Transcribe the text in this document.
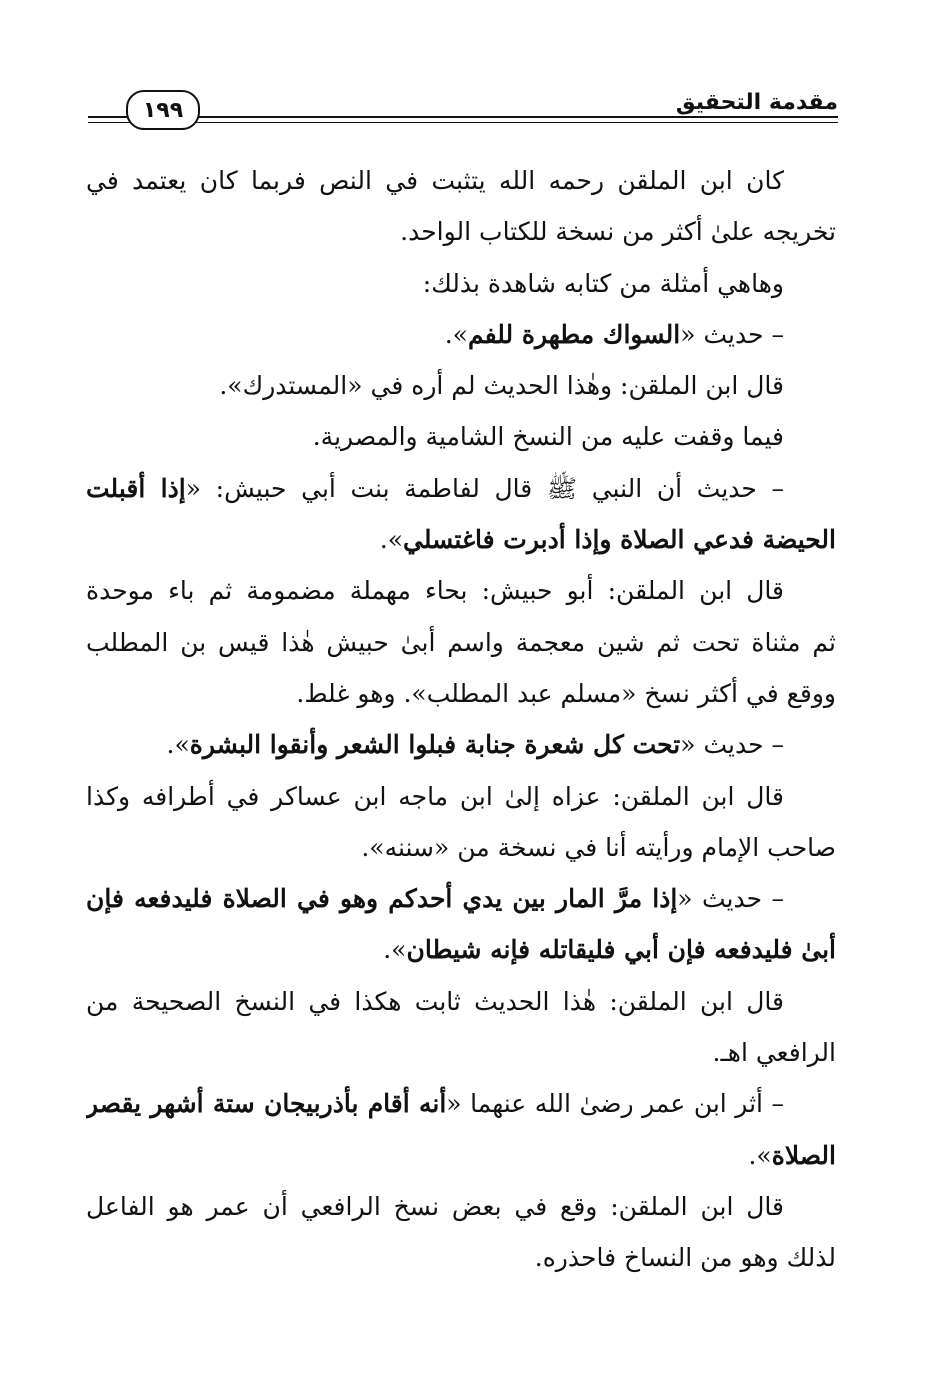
مقدمة التحقيق
١٩٩
كان ابن الملقن رحمه الله يتثبت في النص فربما كان يعتمد في
تخريجه علىٰ أكثر من نسخة للكتاب الواحد.
وهاهي أمثلة من كتابه شاهدة بذلك:
– حديث «السواك مطهرة للفم».
قال ابن الملقن: وهٰذا الحديث لم أره في «المستدرك».
فيما وقفت عليه من النسخ الشامية والمصرية.
– حديث أن النبي ﷺ قال لفاطمة بنت أبي حبيش: «إذا أقبلت
الحيضة فدعي الصلاة وإذا أدبرت فاغتسلي».
قال ابن الملقن: أبو حبيش: بحاء مهملة مضمومة ثم باء موحدة
ثم مثناة تحت ثم شين معجمة واسم أبىٰ حبيش هٰذا قيس بن المطلب
ووقع في أكثر نسخ «مسلم عبد المطلب». وهو غلط.
– حديث «تحت كل شعرة جنابة فبلوا الشعر وأنقوا البشرة».
قال ابن الملقن: عزاه إلىٰ ابن ماجه ابن عساكر في أطرافه وكذا
صاحب الإمام ورأيته أنا في نسخة من «سننه».
– حديث «إذا مرَّ المار بين يدي أحدكم وهو في الصلاة فليدفعه فإن
أبىٰ فليدفعه فإن أبي فليقاتله فإنه شيطان».
قال ابن الملقن: هٰذا الحديث ثابت هكذا في النسخ الصحيحة من
الرافعي اهـ.
– أثر ابن عمر رضىٰ الله عنهما «أنه أقام بأذربيجان ستة أشهر يقصر
الصلاة».
قال ابن الملقن: وقع في بعض نسخ الرافعي أن عمر هو الفاعل
لذلك وهو من النساخ فاحذره.
